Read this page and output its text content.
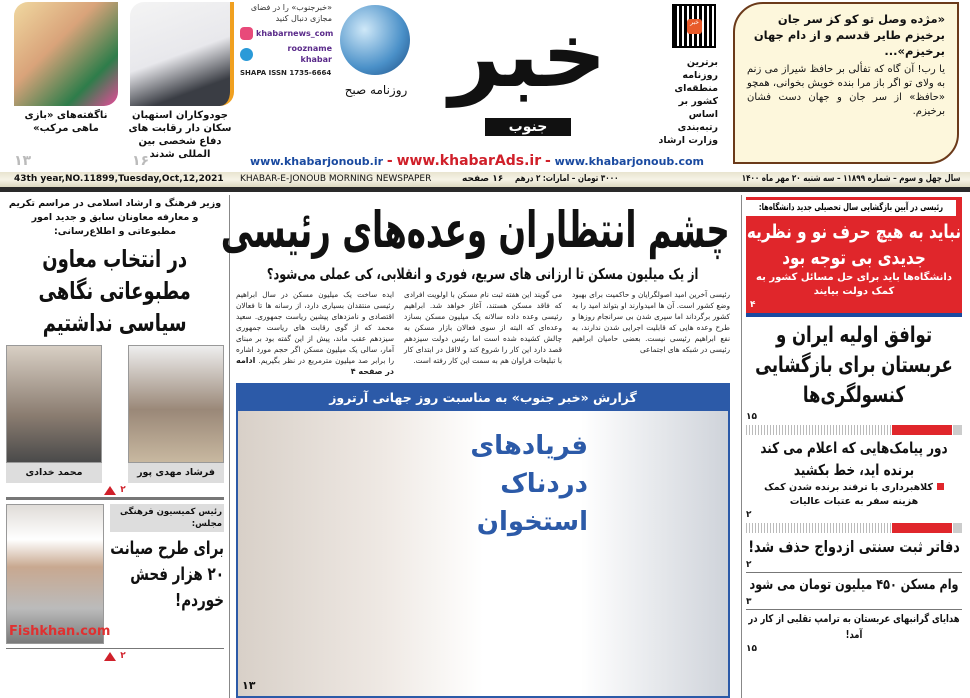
ناگفته‌های «بازی ماهی مرکب»
جودوکاران استهبان‌ سکان دار رقابت های دفاع شخصی بین المللی شدند
۱۳	۱۶
«خبرجنوب» را در فضای مجازی دنبال کنید
khabarnews_com
roozname khabar
SHAPA ISSN 1735-6664
روزنامه صبح خبر
جنوب
خبر
برترین روزنامه منطقه‌ای کشور بر اساس رتبه‌بندی وزارت ارشاد
«مژده وصل تو کو کز سر جان برخیزم طایر قدسم و از دام جهان برخیزم»...

یا رب! آن گاه که تفألی بر حافظ شیراز می زنم به ولای تو اگر باز مرا بنده خویش بخوانی، همچو «حافظ» از سر جان و جهان دست فشان برخیزم.

www.khabarjonoub.ir - www.khabarAds.ir - www.khabarjonoub.com
43th year,NO.11899,Tuesday,Oct,12,2021 KHABAR-E-JONOUB MORNING NEWSPAPER	۱۶ صفحه ۳۰۰۰ تومان – امارات: ۲ درهم	سال چهل و سوم – شماره ۱۱۸۹۹ – سه شنبه ۲۰ مهر ماه ۱۴۰۰
چشم انتظاران وعده‌های رئیسی
از یک میلیون مسکن تا ارزانی های سریع، فوری و انقلابی، کی عملی می‌شود؟
رئیسی آخرین امید اصولگرایان و حاکمیت برای بهبود وضع کشور است. آن ها امیدوارند او بتواند امید را به کشور برگرداند اما سپری شدن بی سرانجام روزها و طرح وعده هایی که قابلیت اجرایی شدن ندارند، به نفع ابراهیم رئیسی نیست. بعضی حامیان ابراهیم رئیسی در شبکه های اجتماعی
می گویند این هفته ثبت نام مسکن با اولویت افرادی که فاقد مسکن هستند، آغاز خواهد شد. ابراهیم رئیسی وعده داده سالانه یک میلیون مسکن بسازد وعده‌ای که البته از سوی فعالان بازار مسکن به چالش کشیده شده است اما رئیس دولت سیزدهم قصد دارد این کار را شروع کند و لااقل در ابتدای کار با تبلیغات فراوان هم به سمت این کار رفته است.
ایده ساخت یک میلیون مسکن در سال ابراهیم رئیسی منتقدان بسیاری دارد، از رسانه ها تا فعالان اقتصادی و نامزدهای پیشین ریاست جمهوری. سعید محمد که از گوی رقابت های ریاست جمهوری سیزدهم عقب ماند، پیش از این گفته بود بر مبنای آمار، سالی یک میلیون مسکن اگر حجم مورد اشاره را برابر صد میلیون مترمربع در نظر بگیریم. ادامه در صفحه ۴
گزارش «خبر جنوب» به مناسبت روز جهانی آرتروز
فریادهای دردناک استخوان
۱۳
وزیر فرهنگ و ارشاد اسلامی در مراسم تکریم و معارفه معاونان سابق و جدید امور مطبوعاتی و اطلاع‌رسانی:
در انتخاب معاون مطبوعاتی نگاهی سیاسی نداشتیم
محمد خدادی	فرشاد مهدی پور
۲
Fishkhan.com
رئیس کمیسیون فرهنگی مجلس:
برای طرح صیانت ۲۰ هزار فحش خوردم!
۲
رئیسی در آیین بازگشایی سال تحصیلی جدید دانشگاه‌ها:
نباید به هیچ حرف نو و نظریه جدیدی بی توجه بود
دانشگاه‌ها باید برای حل مسائل کشور به کمک دولت بیایند
۴
توافق اولیه ایران و عربستان برای بازگشایی کنسولگری‌ها
۱۵
دور پیامک‌هایی که اعلام می کند برنده اید، خط بکشید
کلاهبرداری با ترفند برنده شدن کمک هزینه سفر به عتبات عالیات
۲
دفاتر ثبت سنتی ازدواج حذف شد!
۲
وام مسکن ۴۵۰ میلیون تومان می شود
۳
هدایای گرانبهای عربستان به ترامپ تقلبی از کار در آمد!
۱۵
